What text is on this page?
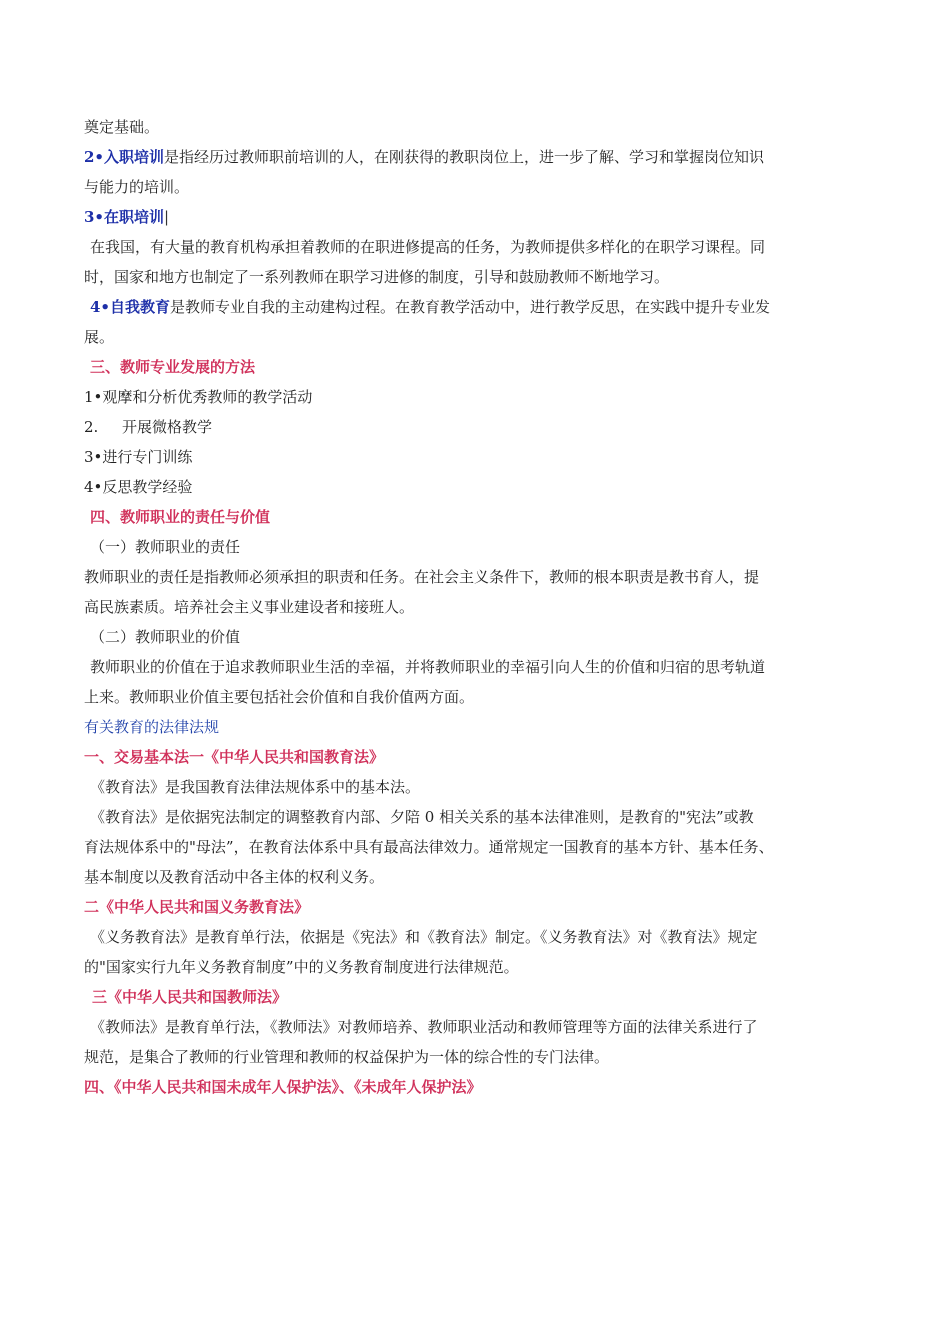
奠定基础。

2•入职培训是指经历过教师职前培训的人，在刚获得的教职岗位上，进一步了解、学习和掌握岗位知识

与能力的培训。

3•在职培训|

在我国，有大量的教育机构承担着教师的在职进修提高的任务，为教师提供多样化的在职学习课程。同

时，国家和地方也制定了一系列教师在职学习进修的制度，引导和鼓励教师不断地学习。

4•自我教育是教师专业自我的主动建构过程。在教育教学活动中，进行教学反思，在实践中提升专业发

展。

三、教师专业发展的方法

1•观摩和分析优秀教师的教学活动

2. 开展微格教学

3•进行专门训练

4•反思教学经验

四、教师职业的责任与价值

（一）教师职业的责任

教师职业的责任是指教师必须承担的职责和任务。在社会主义条件下，教师的根本职责是教书育人，提

高民族素质。培养社会主义事业建设者和接班人。

（二）教师职业的价值

教师职业的价值在于追求教师职业生活的幸福，并将教师职业的幸福引向人生的价值和归宿的思考轨道

上来。教师职业价值主要包括社会价值和自我价值两方面。

有关教育的法律法规

一、交易基本法一《中华人民共和国教育法》

《教育法》是我国教育法律法规体系中的基本法。

《教育法》是依据宪法制定的调整教育内部、夕陪 0 相关关系的基本法律准则，是教育的"宪法”或教

育法规体系中的"母法”，在教育法体系中具有最高法律效力。通常规定一国教育的基本方针、基本任务、

基本制度以及教育活动中各主体的权利义务。

二《中华人民共和国义务教育法》

《义务教育法》是教育单行法，依据是《宪法》和《教育法》制定。《义务教育法》对《教育法》规定

的"国家实行九年义务教育制度”中的义务教育制度进行法律规范。

三《中华人民共和国教师法》

《教师法》是教育单行法，《教师法》对教师培养、教师职业活动和教师管理等方面的法律关系进行了

规范，是集合了教师的行业管理和教师的权益保护为一体的综合性的专门法律。

四、《中华人民共和国未成年人保护法》、《未成年人保护法》
